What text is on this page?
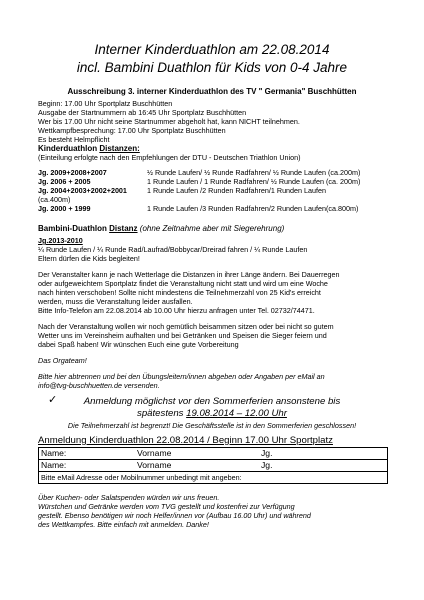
Interner Kinderduathlon am 22.08.2014
incl. Bambini Duathlon für Kids von 0-4 Jahre
Ausschreibung 3. interner Kinderduathlon des TV " Germania" Buschhütten
Beginn: 17.00 Uhr Sportplatz Buschhütten
Ausgabe der Startnummern ab 16:45 Uhr Sportplatz Buschhütten
Wer bis 17.00 Uhr nicht seine Startnummer abgeholt hat, kann NICHT teilnehmen.
Wettkampfbesprechung: 17.00 Uhr Sportplatz Buschhütten
Es besteht Helmpflicht
Kinderduathlon Distanzen:
(Einteilung erfolgte nach den Empfehlungen der DTU - Deutschen Triathlon Union)
Jg. 2009+2008+2007	½ Runde Laufen/ ½ Runde Radfahren/ ½ Runde Laufen (ca.200m)
Jg. 2006 + 2005	1 Runde Laufen / 1 Runde Radfahren/ ½ Runde Laufen (ca. 200m)
Jg. 2004+2003+2002+2001	1 Runde Laufen /2 Runden Radfahren/1 Runden Laufen
(ca.400m)
Jg. 2000 + 1999	1 Runde Laufen /3 Runden Radfahren/2 Runden Laufen(ca.800m)
Bambini-Duathlon Distanz (ohne Zeitnahme aber mit Siegerehrung)
Jg.2013-2010
¼ Runde Laufen / ¼ Runde Rad/Laufrad/Bobbycar/Dreirad fahren / ¼ Runde Laufen
Eltern dürfen die Kids begleiten!
Der Veranstalter kann je nach Wetterlage die Distanzen in ihrer Länge ändern. Bei Dauerregen
oder aufgeweichtem Sportplatz findet die Veranstaltung nicht statt und wird um eine Woche
nach hinten verschoben! Sollte nicht mindestens die Teilnehmerzahl von 25 Kid's erreicht
werden, muss die Veranstaltung leider ausfallen.
Bitte Info-Telefon am 22.08.2014 ab 10.00 Uhr hierzu anfragen unter Tel. 02732/74471.
Nach der Veranstaltung wollen wir noch gemütlich beisammen sitzen oder bei nicht so gutem
Wetter uns im Vereinsheim aufhalten und bei Getränken und Speisen die Sieger feiern und
dabei Spaß haben! Wir wünschen Euch eine gute Vorbereitung
Das Orgateam!
Bitte hier abtrennen und bei den Übungsleitern/innen abgeben oder Angaben per eMail an
info@tvg-buschhuetten.de versenden.
✓	Anmeldung möglichst vor den Sommerferien ansonstene bis
spätestens 19.08.2014 – 12.00 Uhr
Die Teilnehmerzahl ist begrenzt! Die Geschäftsstelle ist in den Sommerferien geschlossen!
Anmeldung Kinderduathlon 22.08.2014 / Beginn 17.00 Uhr Sportplatz
Name:	Vorname	Jg.
Name:	Vorname	Jg.
Bitte eMail Adresse oder Mobilnummer unbedingt mit angeben:
Über Kuchen- oder Salatspenden würden wir uns freuen.
Würstchen und Getränke werden vom TVG gestellt und kostenfrei zur Verfügung
gestellt. Ebenso benötigen wir noch Helfer/innen vor (Aufbau 16.00 Uhr) und während
des Wettkampfes. Bitte einfach mit anmelden. Danke!
